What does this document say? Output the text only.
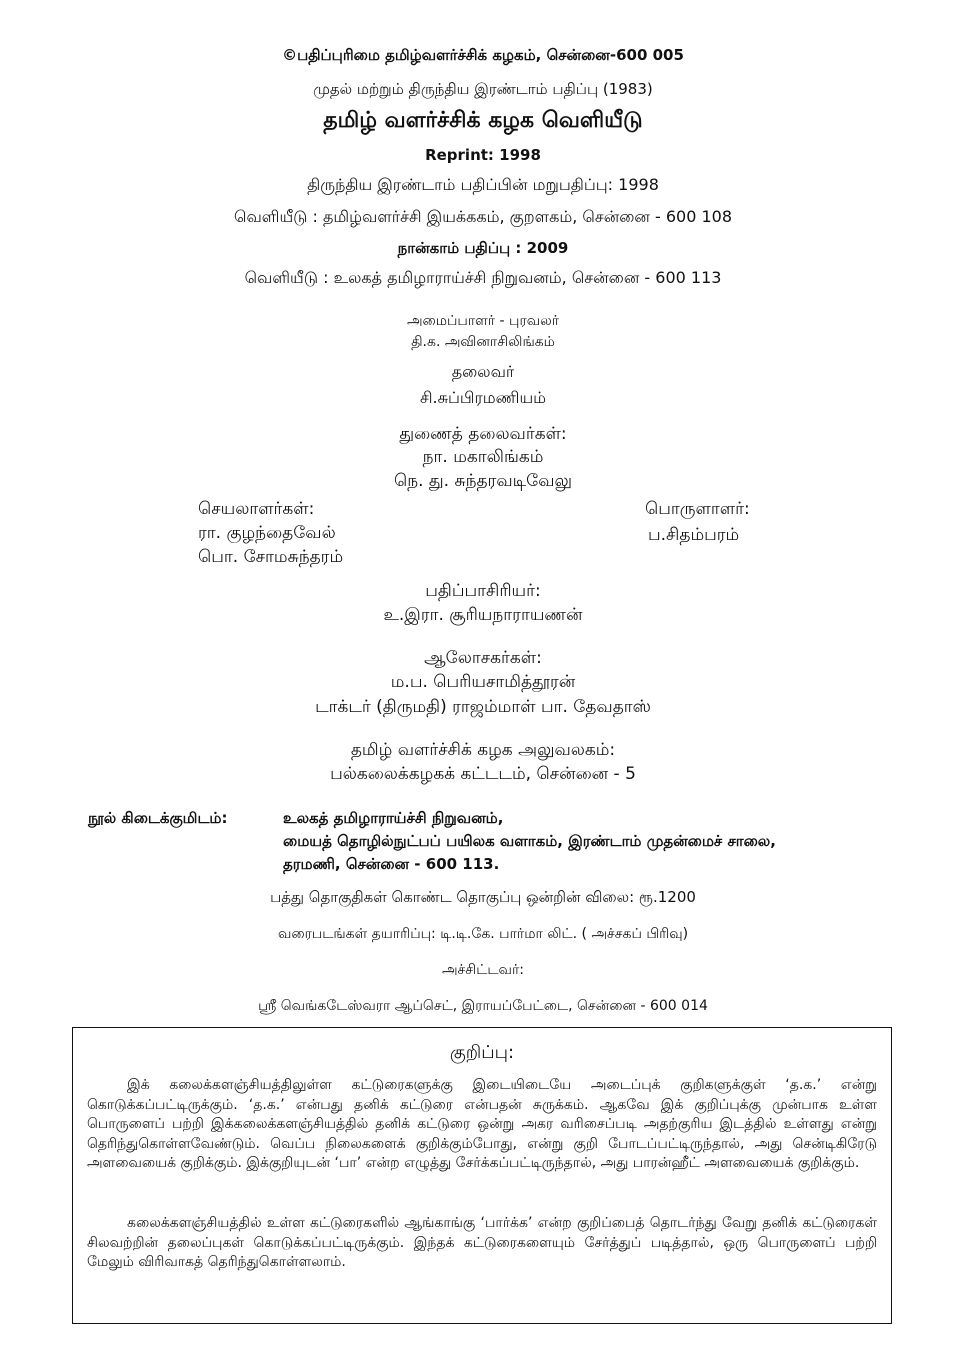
©பதிப்புரிமை தமிழ்வளர்ச்சிக் கழகம், சென்னை-600 005
முதல் மற்றும் திருந்திய இரண்டாம் பதிப்பு (1983)
தமிழ் வளர்ச்சிக் கழக வெளியீடு
Reprint: 1998
திருந்திய இரண்டாம் பதிப்பின் மறுபதிப்பு: 1998
வெளியீடு : தமிழ்வளர்ச்சி இயக்ககம், குறளகம், சென்னை - 600 108
நான்காம் பதிப்பு : 2009
வெளியீடு : உலகத் தமிழாராய்ச்சி நிறுவனம், சென்னை - 600 113
அமைப்பாளர் - புரவலர்
தி.க. அவினாசிலிங்கம்
தலைவர்
சி.சுப்பிரமணியம்
துணைத் தலைவர்கள்:
நா. மகாலிங்கம்
நெ. து. சுந்தரவடிவேலு
செயலாளர்கள்:
ரா. குழந்தைவேல்
பொ. சோமசுந்தரம்
பொருளாளர்:
ப.சிதம்பரம்
பதிப்பாசிரியர்:
உ.இரா. சூரியநாராயணன்
ஆலோசகர்கள்:
ம.ப. பெரியசாமித்தூரன்
டாக்டர் (திருமதி) ராஜம்மாள் பா. தேவதாஸ்
தமிழ் வளர்ச்சிக் கழக அலுவலகம்:
பல்கலைக்கழகக் கட்டடம், சென்னை - 5
நூல் கிடைக்குமிடம்:	உலகத் தமிழாராய்ச்சி நிறுவனம்,
மையத் தொழில்நுட்பப் பயிலக வளாகம், இரண்டாம் முதன்மைச் சாலை,
தரமணி, சென்னை - 600 113.
பத்து தொகுதிகள் கொண்ட தொகுப்பு ஒன்றின் விலை: ரூ.1200
வரைபடங்கள் தயாரிப்பு: டி.டி.கே. பார்மா லிட். ( அச்சகப் பிரிவு)
அச்சிட்டவர்:
ஸ்ரீ வெங்கடேஸ்வரா ஆப்செட், இராயப்பேட்டை, சென்னை - 600 014
குறிப்பு:

இக் கலைக்களஞ்சியத்திலுள்ள கட்டுரைகளுக்கு இடையிடையே அடைப்புக் குறிகளுக்குள் ‘த.க.’ என்று கொடுக்கப்பட்டிருக்கும். ‘த.க.’ என்பது தனிக் கட்டுரை என்பதன் சுருக்கம். ஆகவே இக் குறிப்புக்கு முன்பாக உள்ள பொருளைப் பற்றி இக்கலைக்களஞ்சியத்தில் தனிக் கட்டுரை ஒன்று அகர வரிசைப்படி அதற்குரிய இடத்தில் உள்ளது என்று தெரிந்துகொள்ளவேண்டும். வெப்ப நிலைகளைக் குறிக்கும்போது, என்று குறி போடப்பட்டிருந்தால், அது சென்டிகிரேடு அளவையைக் குறிக்கும். இக்குறியுடன் ‘பா’ என்ற எழுத்து சேர்க்கப்பட்டிருந்தால், அது பாரன்ஹீட் அளவையைக் குறிக்கும்.

கலைக்களஞ்சியத்தில் உள்ள கட்டுரைகளில் ஆங்காங்கு ‘பார்க்க’ என்ற குறிப்பைத் தொடர்ந்து வேறு தனிக் கட்டுரைகள் சிலவற்றின் தலைப்புகள் கொடுக்கப்பட்டிருக்கும். இந்தக் கட்டுரைகளையும் சேர்த்துப் படித்தால், ஒரு பொருளைப் பற்றி மேலும் விரிவாகத் தெரிந்துகொள்ளலாம்.
